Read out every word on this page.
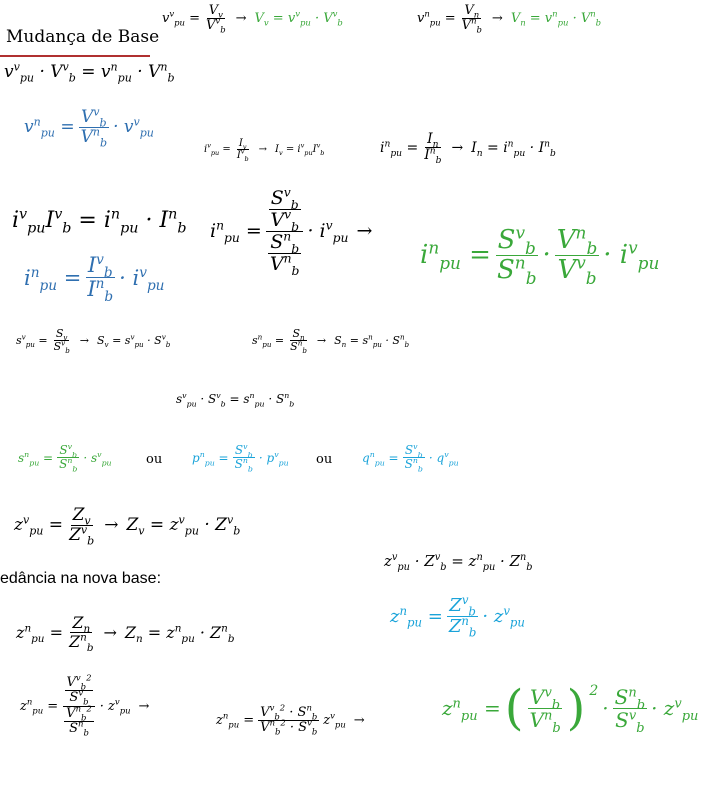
Mudança de Base
$v^v_{pu} = \frac{V_v}{V^v_b} \to V_v = v^v_{pu} \cdot V^v_b$	$v^n_{pu} = \frac{V_n}{V^n_b} \to V_n = v^n_{pu} \cdot V^n_b$
$v^v_{pu} \cdot V^v_b = v^n_{pu} \cdot V^n_b$
$v^n_{pu} = \frac{V^v_b}{V^n_b} \cdot v^v_{pu}$
$i^v_{pu} = \frac{I_v}{I^v_b} \to I_v = i^v_{pu}I^v_b$	$i^n_{pu} = \frac{I_n}{I^n_b} \to I_n = i^n_{pu} \cdot I^n_b$
$i^v_{pu}I^v_b = i^n_{pu} \cdot I^n_b$
$i^n_{pu} = \frac{I^v_b}{I^n_b} \cdot i^v_{pu}$
$i^n_{pu} = \frac{\frac{S^v_b}{V^v_b}}{\frac{S^n_b}{V^n_b}} \cdot i^v_{pu}$ →
$i^n_{pu} = \frac{S^v_b}{S^n_b} \cdot \frac{V^n_b}{V^v_b} \cdot i^v_{pu}$
$s^v_{pu} = \frac{S_v}{S^v_b} \to S_v = s^v_{pu} \cdot S^v_b$	$s^n_{pu} = \frac{S_n}{S^n_b} \to S_n = s^n_{pu} \cdot S^n_b$
$s^v_{pu} \cdot S^v_b = s^n_{pu} \cdot S^n_b$
$s^n_{pu} = \frac{S^v_b}{S^n_b} \cdot s^v_{pu}$	ou $p^n_{pu} = \frac{S^v_b}{S^n_b} \cdot p^v_{pu}$ ou $q^n_{pu} = \frac{S^v_b}{S^n_b} \cdot q^v_{pu}$
$z^v_{pu} = \frac{Z_v}{Z^v_b} \to Z_v = z^v_{pu} \cdot Z^v_b$
edância na nova base:
$z^v_{pu} \cdot Z^v_b = z^n_{pu} \cdot Z^n_b$
$z^n_{pu} = \frac{Z^v_b}{Z^n_b} \cdot z^v_{pu}$
$z^n_{pu} = \frac{Z_n}{Z^n_b} \to Z_n = z^n_{pu} \cdot Z^n_b$
$z^n_{pu} = \frac{\frac{V^v_b^2}{S^v_b}}{\frac{V^n_b^2}{S^n_b}} \cdot z^v_{pu}$ →
$z^n_{pu} = \frac{V^v_b^2 \cdot S^n_b}{V^n_b^2 \cdot S^v_b} z^v_{pu}$ →
$z^n_{pu}$ = ( $\frac{V^v_b}{V^n_b}$ ) $^2$
· $\frac{S^n_b}{S^v_b} \cdot z^v_{pu}$
